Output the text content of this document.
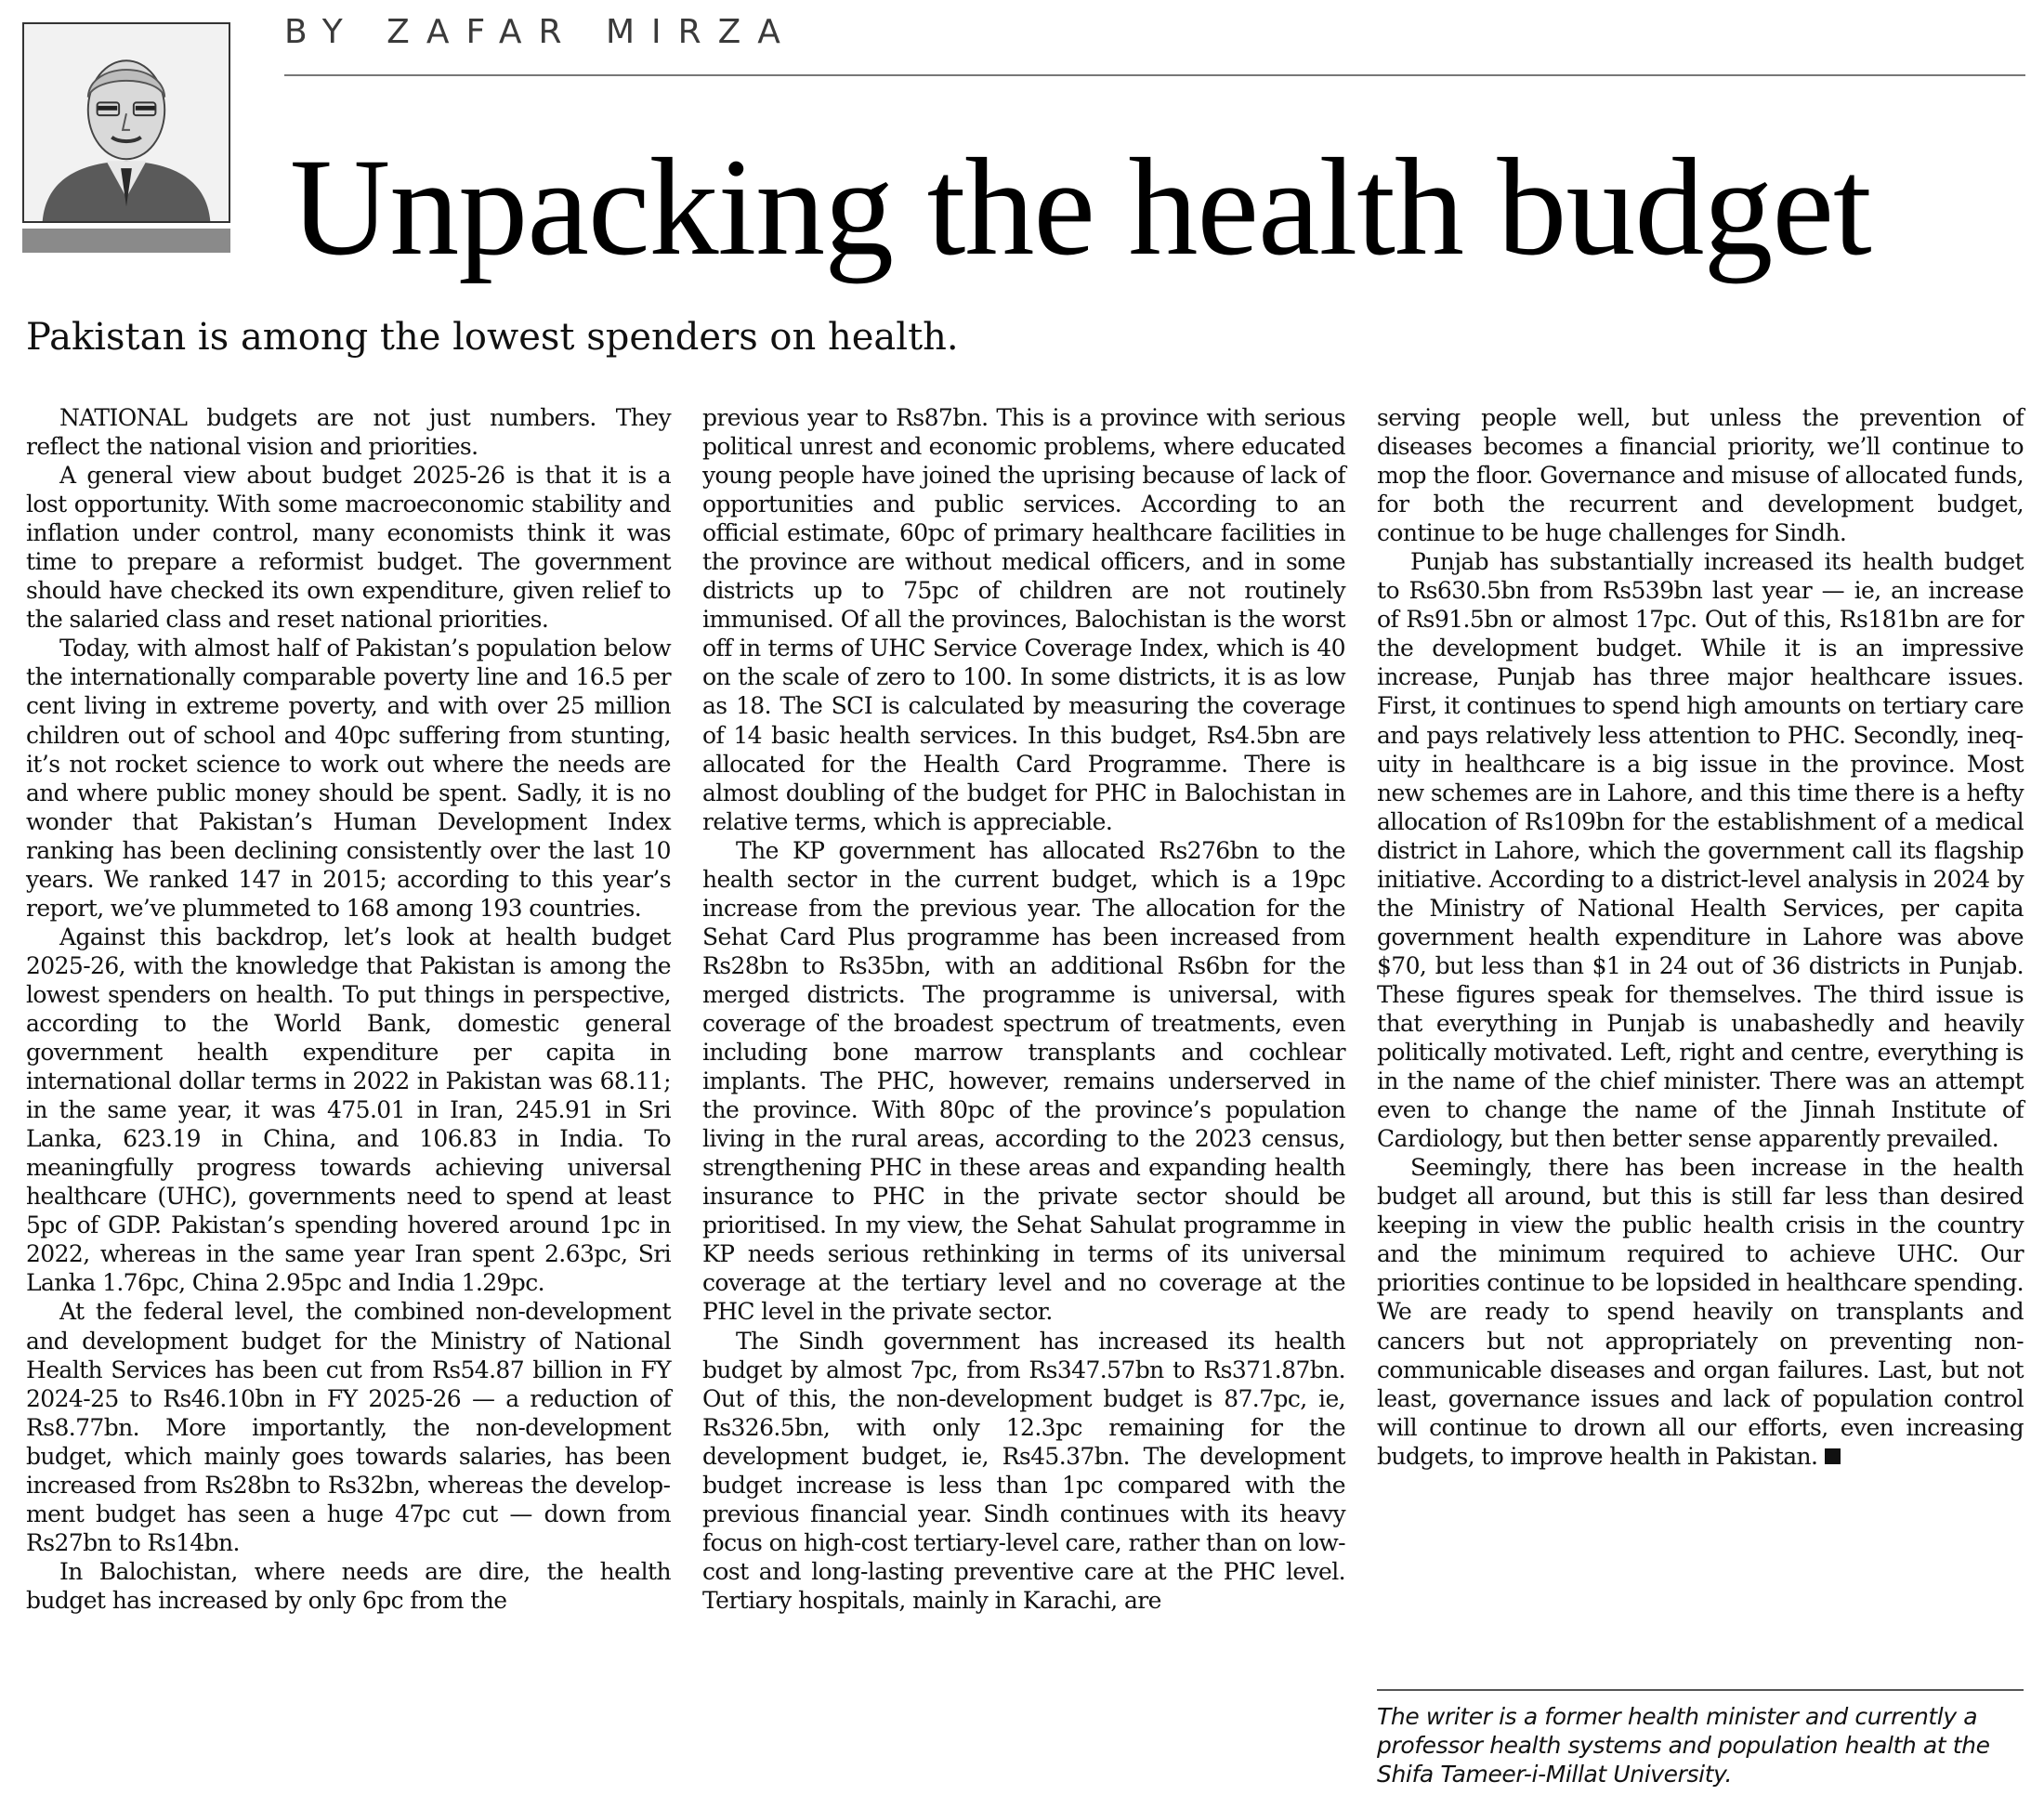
BY ZAFAR MIRZA
Unpacking the health budget

Pakistan is among the lowest spenders on health.

NATIONAL budgets are not just numbers. They reflect the national vision and priorities.

A general view about budget 2025-26 is that it is a lost opportunity. With some macroeconomic stability and inflation under control, many economists think it was time to prepare a reformist budget. The government should have checked its own expenditure, given relief to the salaried class and reset national priorities.

Today, with almost half of Pakistan’s population below the internationally comparable poverty line and 16.5 per cent living in extreme poverty, and with over 25 million children out of school and 40pc suffering from stunting, it’s not rocket science to work out where the needs are and where public money should be spent. Sadly, it is no wonder that Pakistan’s Human Development Index ranking has been declining consistently over the last 10 years. We ranked 147 in 2015; according to this year’s report, we’ve plummeted to 168 among 193 countries.

Against this backdrop, let’s look at health budget 2025-26, with the knowledge that Pakistan is among the lowest spenders on health. To put things in perspective, according to the World Bank, domestic general government health expenditure per capita in international dollar terms in 2022 in Pakistan was 68.11; in the same year, it was 475.01 in Iran, 245.91 in Sri Lanka, 623.19 in China, and 106.83 in India. To meaningfully progress towards achieving universal healthcare (UHC), governments need to spend at least 5pc of GDP. Pakistan’s spending hovered around 1pc in 2022, whereas in the same year Iran spent 2.63pc, Sri Lanka 1.76pc, China 2.95pc and India 1.29pc.

At the federal level, the combined non-development and development budget for the Ministry of National Health Services has been cut from Rs54.87 billion in FY 2024-25 to Rs46.10bn in FY 2025-26 — a reduction of Rs8.77bn. More importantly, the non-development budget, which mainly goes towards salaries, has been increased from Rs28bn to Rs32bn, whereas the development budget has seen a huge 47pc cut — down from Rs27bn to Rs14bn.

In Balochistan, where needs are dire, the health budget has increased by only 6pc from the

previous year to Rs87bn. This is a province with serious political unrest and economic problems, where educated young people have joined the uprising because of lack of opportunities and public services. According to an official estimate, 60pc of primary healthcare facilities in the province are without medical officers, and in some districts up to 75pc of children are not routinely immunised. Of all the provinces, Balochistan is the worst off in terms of UHC Service Coverage Index, which is 40 on the scale of zero to 100. In some districts, it is as low as 18. The SCI is calculated by measuring the coverage of 14 basic health services. In this budget, Rs4.5bn are allocated for the Health Card Programme. There is almost doubling of the budget for PHC in Balochistan in relative terms, which is appreciable.

The KP government has allocated Rs276bn to the health sector in the current budget, which is a 19pc increase from the previous year. The allocation for the Sehat Card Plus programme has been increased from Rs28bn to Rs35bn, with an additional Rs6bn for the merged districts. The programme is universal, with coverage of the broadest spectrum of treatments, even including bone marrow transplants and cochlear implants. The PHC, however, remains underserved in the province. With 80pc of the province’s population living in the rural areas, according to the 2023 census, strengthening PHC in these areas and expanding health insurance to PHC in the private sector should be prioritised. In my view, the Sehat Sahulat programme in KP needs serious rethinking in terms of its universal coverage at the tertiary level and no coverage at the PHC level in the private sector.

The Sindh government has increased its health budget by almost 7pc, from Rs347.57bn to Rs371.87bn. Out of this, the non-development budget is 87.7pc, ie, Rs326.5bn, with only 12.3pc remaining for the development budget, ie, Rs45.37bn. The development budget increase is less than 1pc compared with the previous financial year. Sindh continues with its heavy focus on high-cost tertiary-level care, rather than on low-cost and long-lasting preventive care at the PHC level. Tertiary hospitals, mainly in Karachi, are

serving people well, but unless the prevention of diseases becomes a financial priority, we’ll continue to mop the floor. Governance and misuse of allocated funds, for both the recurrent and development budget, continue to be huge challenges for Sindh.

Punjab has substantially increased its health budget to Rs630.5bn from Rs539bn last year — ie, an increase of Rs91.5bn or almost 17pc. Out of this, Rs181bn are for the development budget. While it is an impressive increase, Punjab has three major healthcare issues. First, it continues to spend high amounts on tertiary care and pays relatively less attention to PHC. Secondly, inequity in healthcare is a big issue in the province. Most new schemes are in Lahore, and this time there is a hefty allocation of Rs109bn for the establishment of a medical district in Lahore, which the government call its flagship initiative. According to a district-level analysis in 2024 by the Ministry of National Health Services, per capita government health expenditure in Lahore was above $70, but less than $1 in 24 out of 36 districts in Punjab. These figures speak for themselves. The third issue is that everything in Punjab is unabashedly and heavily politically motivated. Left, right and centre, everything is in the name of the chief minister. There was an attempt even to change the name of the Jinnah Institute of Cardiology, but then better sense apparently prevailed.

Seemingly, there has been increase in the health budget all around, but this is still far less than desired keeping in view the public health crisis in the country and the minimum required to achieve UHC. Our priorities continue to be lopsided in healthcare spending. We are ready to spend heavily on transplants and cancers but not appropriately on preventing non-communicable diseases and organ failures. Last, but not least, governance issues and lack of population control will continue to drown all our efforts, even increasing budgets, to improve health in Pakistan.

The writer is a former health minister and currently a professor health systems and population health at the Shifa Tameer-i-Millat University.
